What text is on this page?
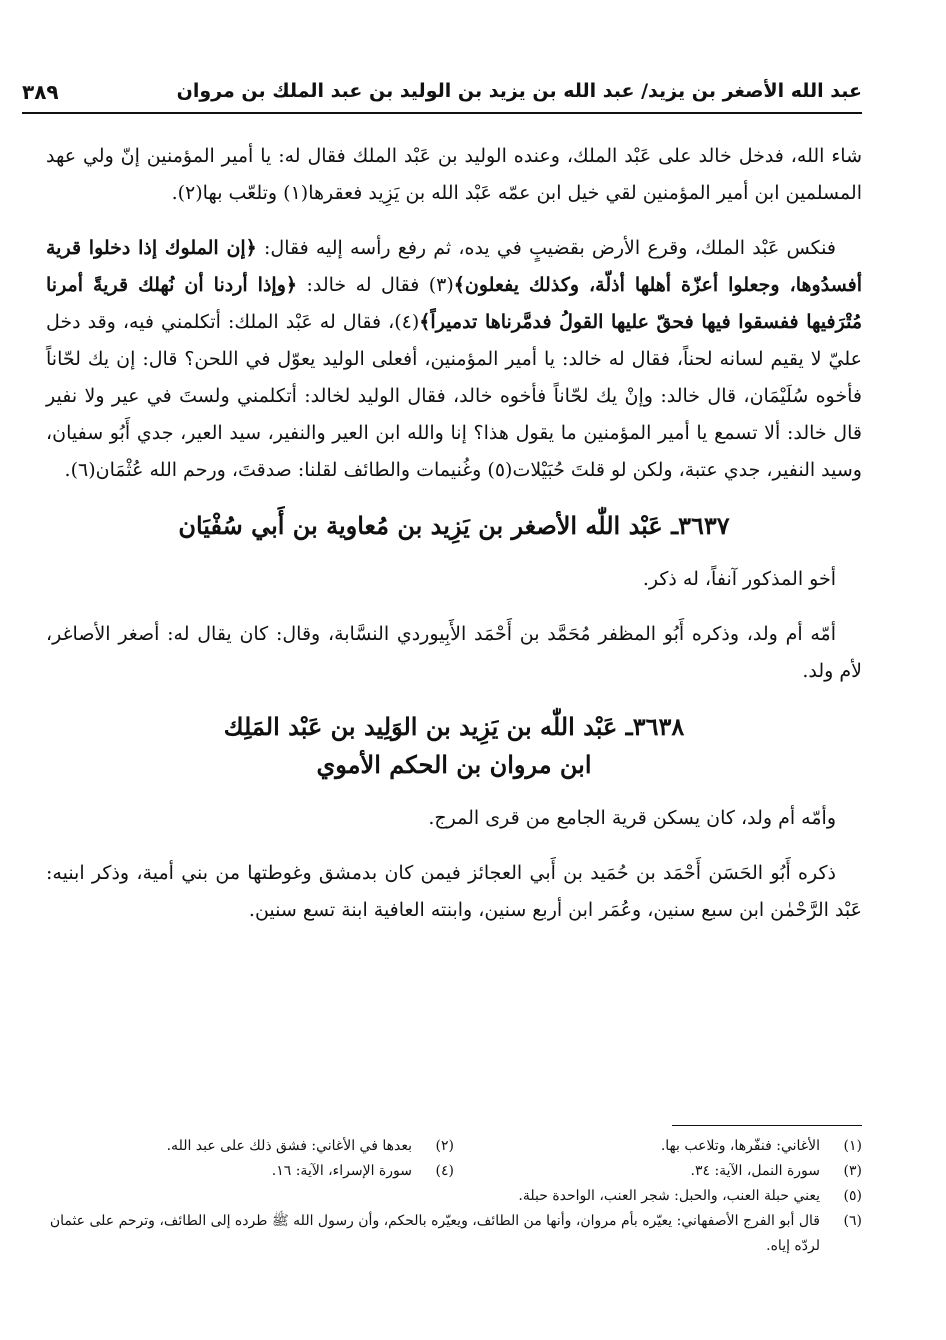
عبد الله الأصغر بن يزيد/ عبد الله بن يزيد بن الوليد بن عبد الملك بن مروان
٣٨٩

شاء الله، فدخل خالد على عَبْد الملك، وعنده الوليد بن عَبْد الملك فقال له: يا أمير المؤمنين إنّ ولي عهد المسلمين ابن أمير المؤمنين لقي خيل ابن عمّه عَبْد الله بن يَزِيد فعقرها(١) وتلعّب بها(٢).

فنكس عَبْد الملك، وقرع الأرض بقضيبٍ في يده، ثم رفع رأسه إليه فقال: ﴿إن الملوك إذا دخلوا قرية أفسدُوها، وجعلوا أعزّة أهلها أذلّة، وكذلك يفعلون﴾(٣) فقال له خالد: ﴿وإذا أردنا أن نُهلك قريةً أمرنا مُتْرَفيها ففسقوا فيها فحقّ عليها القولُ فدمَّرناها تدميراً﴾(٤)، فقال له عَبْد الملك: أتكلمني فيه، وقد دخل عليّ لا يقيم لسانه لحناً، فقال له خالد: يا أمير المؤمنين، أفعلى الوليد يعوّل في اللحن؟ قال: إن يك لحّاناً فأخوه سُلَيْمَان، قال خالد: وإنْ يك لحّاناً فأخوه خالد، فقال الوليد لخالد: أتكلمني ولستَ في عير ولا نفير قال خالد: ألا تسمع يا أمير المؤمنين ما يقول هذا؟ إنا والله ابن العير والنفير، سيد العير، جدي أَبُو سفيان، وسيد النفير، جدي عتبة، ولكن لو قلتَ حُبَيْلات(٥) وغُنيمات والطائف لقلنا: صدقتَ، ورحم الله عُثْمَان(٦).

٣٦٣٧ـ عَبْد اللّٰه الأصغر بن يَزِيد بن مُعاوية بن أَبي سُفْيَان

أخو المذكور آنفاً، له ذكر.

أمّه أم ولد، وذكره أَبُو المظفر مُحَمَّد بن أَحْمَد الأَبِيوردي النسَّابة، وقال: كان يقال له: أصغر الأصاغر، لأم ولد.

٣٦٣٨ـ عَبْد اللّٰه بن يَزِيد بن الوَلِيد بن عَبْد المَلِك
ابن مروان بن الحكم الأموي

وأمّه أم ولد، كان يسكن قرية الجامع من قرى المرج.

ذكره أَبُو الحَسَن أَحْمَد بن حُمَيد بن أَبي العجائز فيمن كان بدمشق وغوطتها من بني أمية، وذكر ابنيه: عَبْد الرَّحْمٰن ابن سبع سنين، وعُمَر ابن أربع سنين، وابنته العافية ابنة تسع سنين.

(١)
الأغاني: فنفّرها، وتلاعب بها.
(٢)
بعدها في الأغاني: فشق ذلك على عبد الله.
(٣)
سورة النمل، الآية: ٣٤.
(٤)
سورة الإسراء، الآية: ١٦.
(٥)
يعني حبلة العنب، والحبل: شجر العنب، الواحدة حبلة.
(٦)
قال أبو الفرج الأصفهاني: يعيّره بأم مروان، وأنها من الطائف، ويعيّره بالحكم، وأن رسول الله ﷺ طرده إلى الطائف، وترحم على عثمان لردّه إياه.
